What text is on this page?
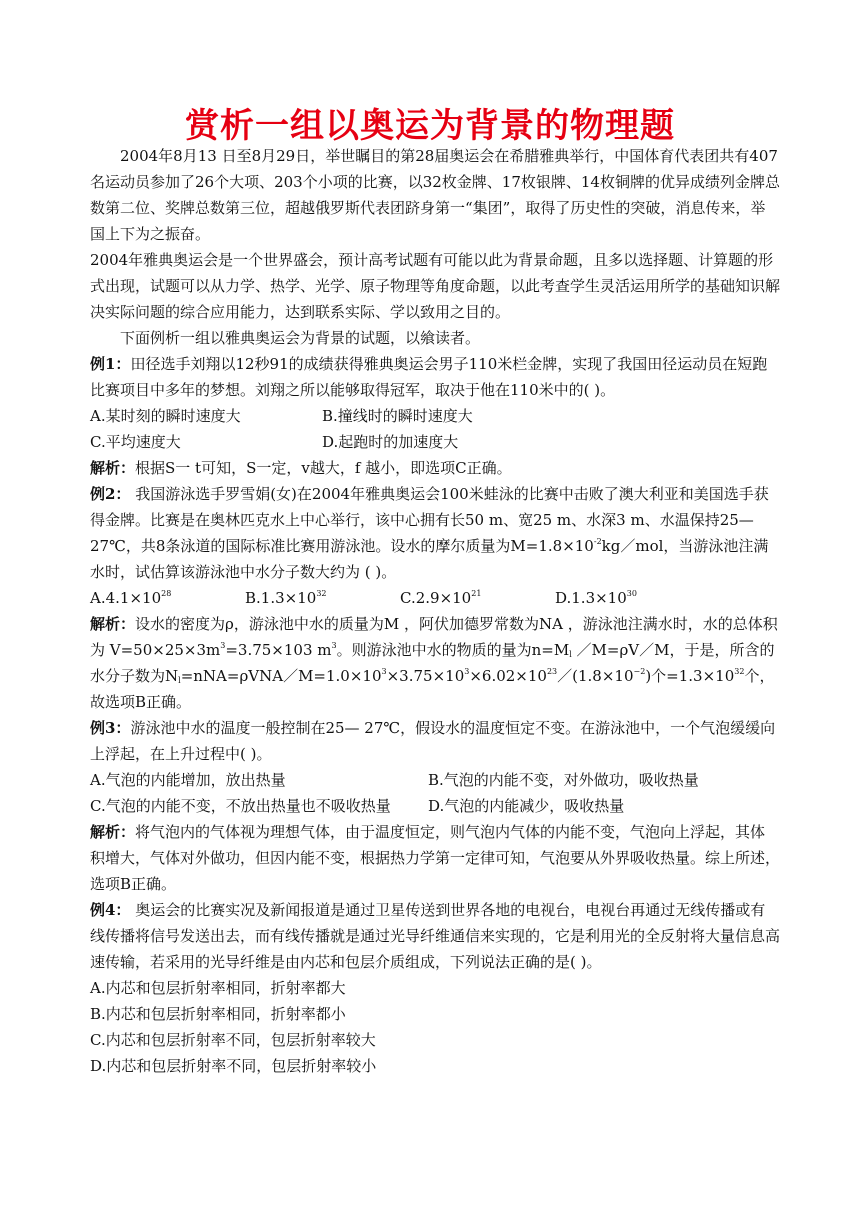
赏析一组以奥运为背景的物理题

2004年8月13 日至8月29日，举世瞩目的第28届奥运会在希腊雅典举行，中国体育代表团共有407名运动员参加了26个大项、203个小项的比赛，以32枚金牌、17枚银牌、14枚铜牌的优异成绩列金牌总数第二位、奖牌总数第三位，超越俄罗斯代表团跻身第一“集团”，取得了历史性的突破，消息传来，举国上下为之振奋。

2004年雅典奥运会是一个世界盛会，预计高考试题有可能以此为背景命题，且多以选择题、计算题的形式出现，试题可以从力学、热学、光学、原子物理等角度命题，以此考查学生灵活运用所学的基础知识解决实际问题的综合应用能力，达到联系实际、学以致用之目的。

下面例析一组以雅典奥运会为背景的试题，以飨读者。

例1：田径选手刘翔以12秒91的成绩获得雅典奥运会男子110米栏金牌，实现了我国田径运动员在短跑比赛项目中多年的梦想。刘翔之所以能够取得冠军，取决于他在110米中的( )。

A.某时刻的瞬时速度大	B.撞线时的瞬时速度大
C.平均速度大	D.起跑时的加速度大

解析：根据S一 t可知，S一定，v越大，f 越小，即选项C正确。

例2： 我国游泳选手罗雪娟(女)在2004年雅典奥运会100米蛙泳的比赛中击败了澳大利亚和美国选手获得金牌。比赛是在奥林匹克水上中心举行，该中心拥有长50 m、宽25 m、水深3 m、水温保持25—27℃，共8条泳道的国际标准比赛用游泳池。设水的摩尔质量为$M=1.8\times 10^{-2}kg/mol$，当游泳池注满水时，试估算该游泳池中水分子数大约为 ( )。

$A.4.1\times 10^{28}$	$B.1.3\times 10^{32}$	$C.2.9\times 10^{21}$	$D.1.3\times 10^{30}$

解析：设水的密度为ρ，游泳池中水的质量为M ，阿伏加德罗常数为NA ，游泳池注满水时，水的总体积为 $V=50\times 25\times 3m^3=3.75\times 103$ $m^3$。则游泳池中水的物质的量为$n=M_l$ ／M=ρV／M，于是，所含的水分子数为$N_l=nNA=\rho VNA/M=1.0\times 10^3\times 3.75\times 10^3\times 6.02\times 10^{23}/(1.8\times 10^{-2})$个$=1.3\times 10^{32}$个，故选项B正确。

例3：游泳池中水的温度一般控制在25— 27℃，假设水的温度恒定不变。在游泳池中，一个气泡缓缓向上浮起，在上升过程中( )。

A.气泡的内能增加，放出热量	B.气泡的内能不变，对外做功，吸收热量
C.气泡的内能不变，不放出热量也不吸收热量	D.气泡的内能减少，吸收热量

解析：将气泡内的气体视为理想气体，由于温度恒定，则气泡内气体的内能不变，气泡向上浮起，其体积增大，气体对外做功，但因内能不变，根据热力学第一定律可知，气泡要从外界吸收热量。综上所述，选项B正确。

例4： 奥运会的比赛实况及新闻报道是通过卫星传送到世界各地的电视台，电视台再通过无线传播或有线传播将信号发送出去，而有线传播就是通过光导纤维通信来实现的，它是利用光的全反射将大量信息高速传输，若采用的光导纤维是由内芯和包层介质组成，下列说法正确的是( )。

A.内芯和包层折射率相同，折射率都大

B.内芯和包层折射率相同，折射率都小

C.内芯和包层折射率不同，包层折射率较大

D.内芯和包层折射率不同，包层折射率较小
